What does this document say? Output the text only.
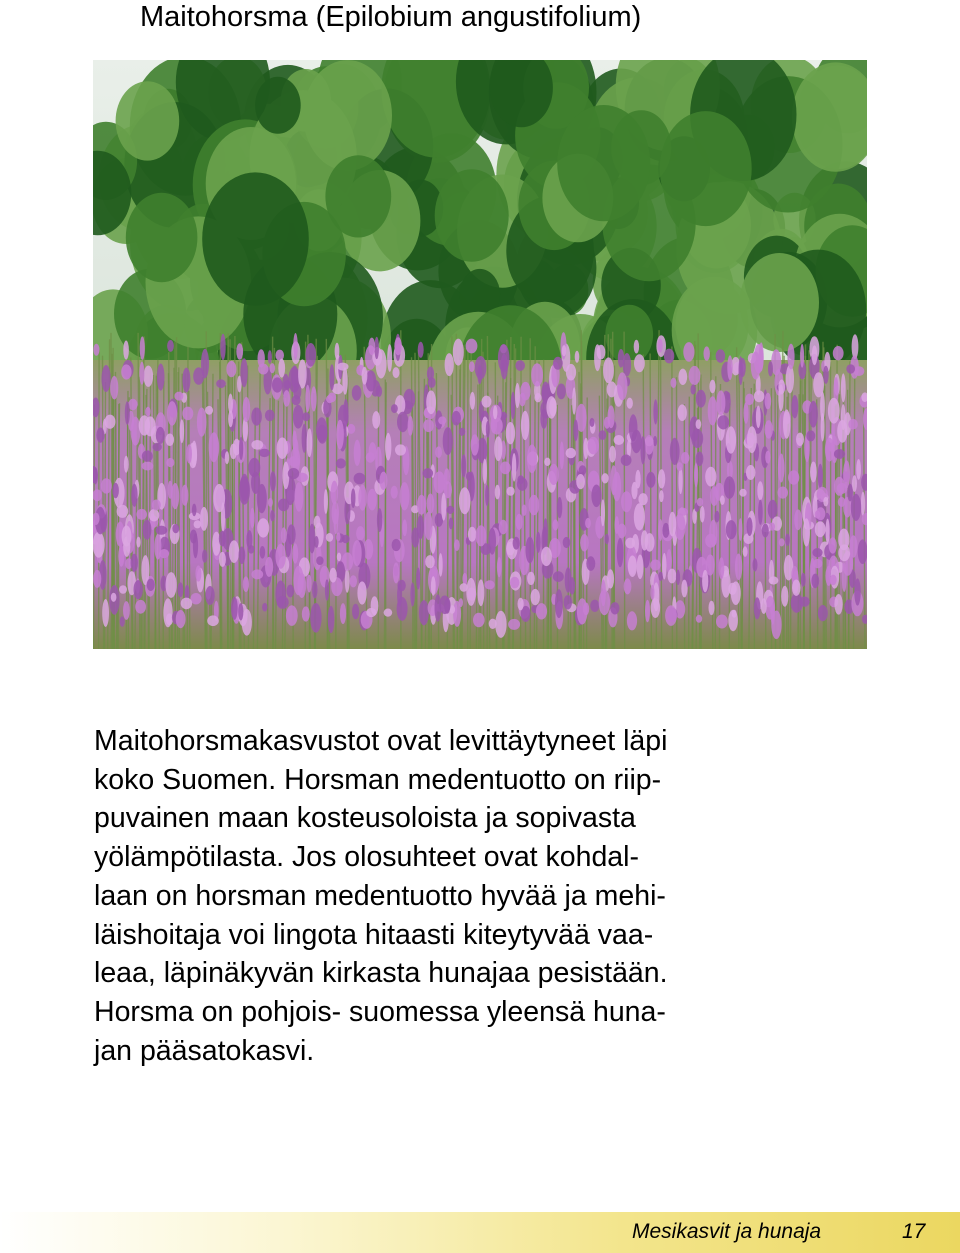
Maitohorsma (Epilobium angustifolium)

Maitohorsmakasvustot ovat levittäytyneet läpi
koko Suomen. Horsman medentuotto on riip-
puvainen maan kosteusoloista ja sopivasta
yölämpötilasta. Jos olosuhteet ovat kohdal-
laan on horsman medentuotto hyvää ja mehi-
läishoitaja voi lingota hitaasti kiteytyvää vaa-
leaa, läpinäkyvän kirkasta hunajaa pesistään.
Horsma on pohjois- suomessa yleensä huna-
jan pääsatokasvi.

Mesikasvit ja hunaja	17
